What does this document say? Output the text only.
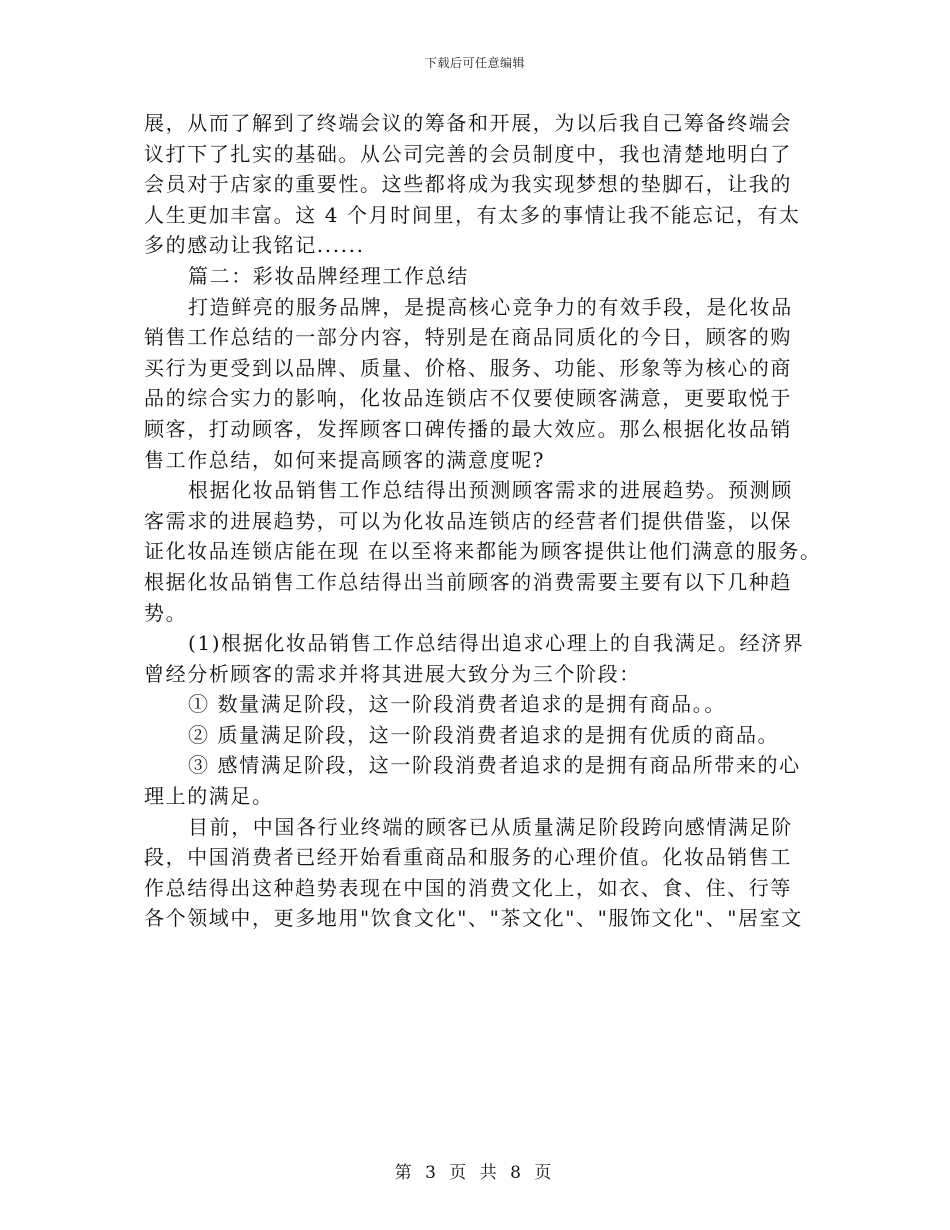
下载后可任意编辑
展，从而了解到了终端会议的筹备和开展，为以后我自己筹备终端会
议打下了扎实的基础。从公司完善的会员制度中，我也清楚地明白了
会员对于店家的重要性。这些都将成为我实现梦想的垫脚石，让我的
人生更加丰富。这 4 个月时间里，有太多的事情让我不能忘记，有太
多的感动让我铭记......
篇二：彩妆品牌经理工作总结
打造鲜亮的服务品牌，是提高核心竞争力的有效手段，是化妆品
销售工作总结的一部分内容，特别是在商品同质化的今日，顾客的购
买行为更受到以品牌、质量、价格、服务、功能、形象等为核心的商
品的综合实力的影响，化妆品连锁店不仅要使顾客满意，更要取悦于
顾客，打动顾客，发挥顾客口碑传播的最大效应。那么根据化妆品销
售工作总结，如何来提高顾客的满意度呢?
根据化妆品销售工作总结得出预测顾客需求的进展趋势。预测顾
客需求的进展趋势，可以为化妆品连锁店的经营者们提供借鉴，以保
证化妆品连锁店能在现 在以至将来都能为顾客提供让他们满意的服务。
根据化妆品销售工作总结得出当前顾客的消费需要主要有以下几种趋
势。
(1)根据化妆品销售工作总结得出追求心理上的自我满足。经济界
曾经分析顾客的需求并将其进展大致分为三个阶段：
① 数量满足阶段，这一阶段消费者追求的是拥有商品。。
② 质量满足阶段，这一阶段消费者追求的是拥有优质的商品。
③ 感情满足阶段，这一阶段消费者追求的是拥有商品所带来的心
理上的满足。
目前，中国各行业终端的顾客已从质量满足阶段跨向感情满足阶
段，中国消费者已经开始看重商品和服务的心理价值。化妆品销售工
作总结得出这种趋势表现在中国的消费文化上，如衣、食、住、行等
各个领域中，更多地用"饮食文化"、"茶文化"、"服饰文化"、"居室文
第 3 页 共 8 页
